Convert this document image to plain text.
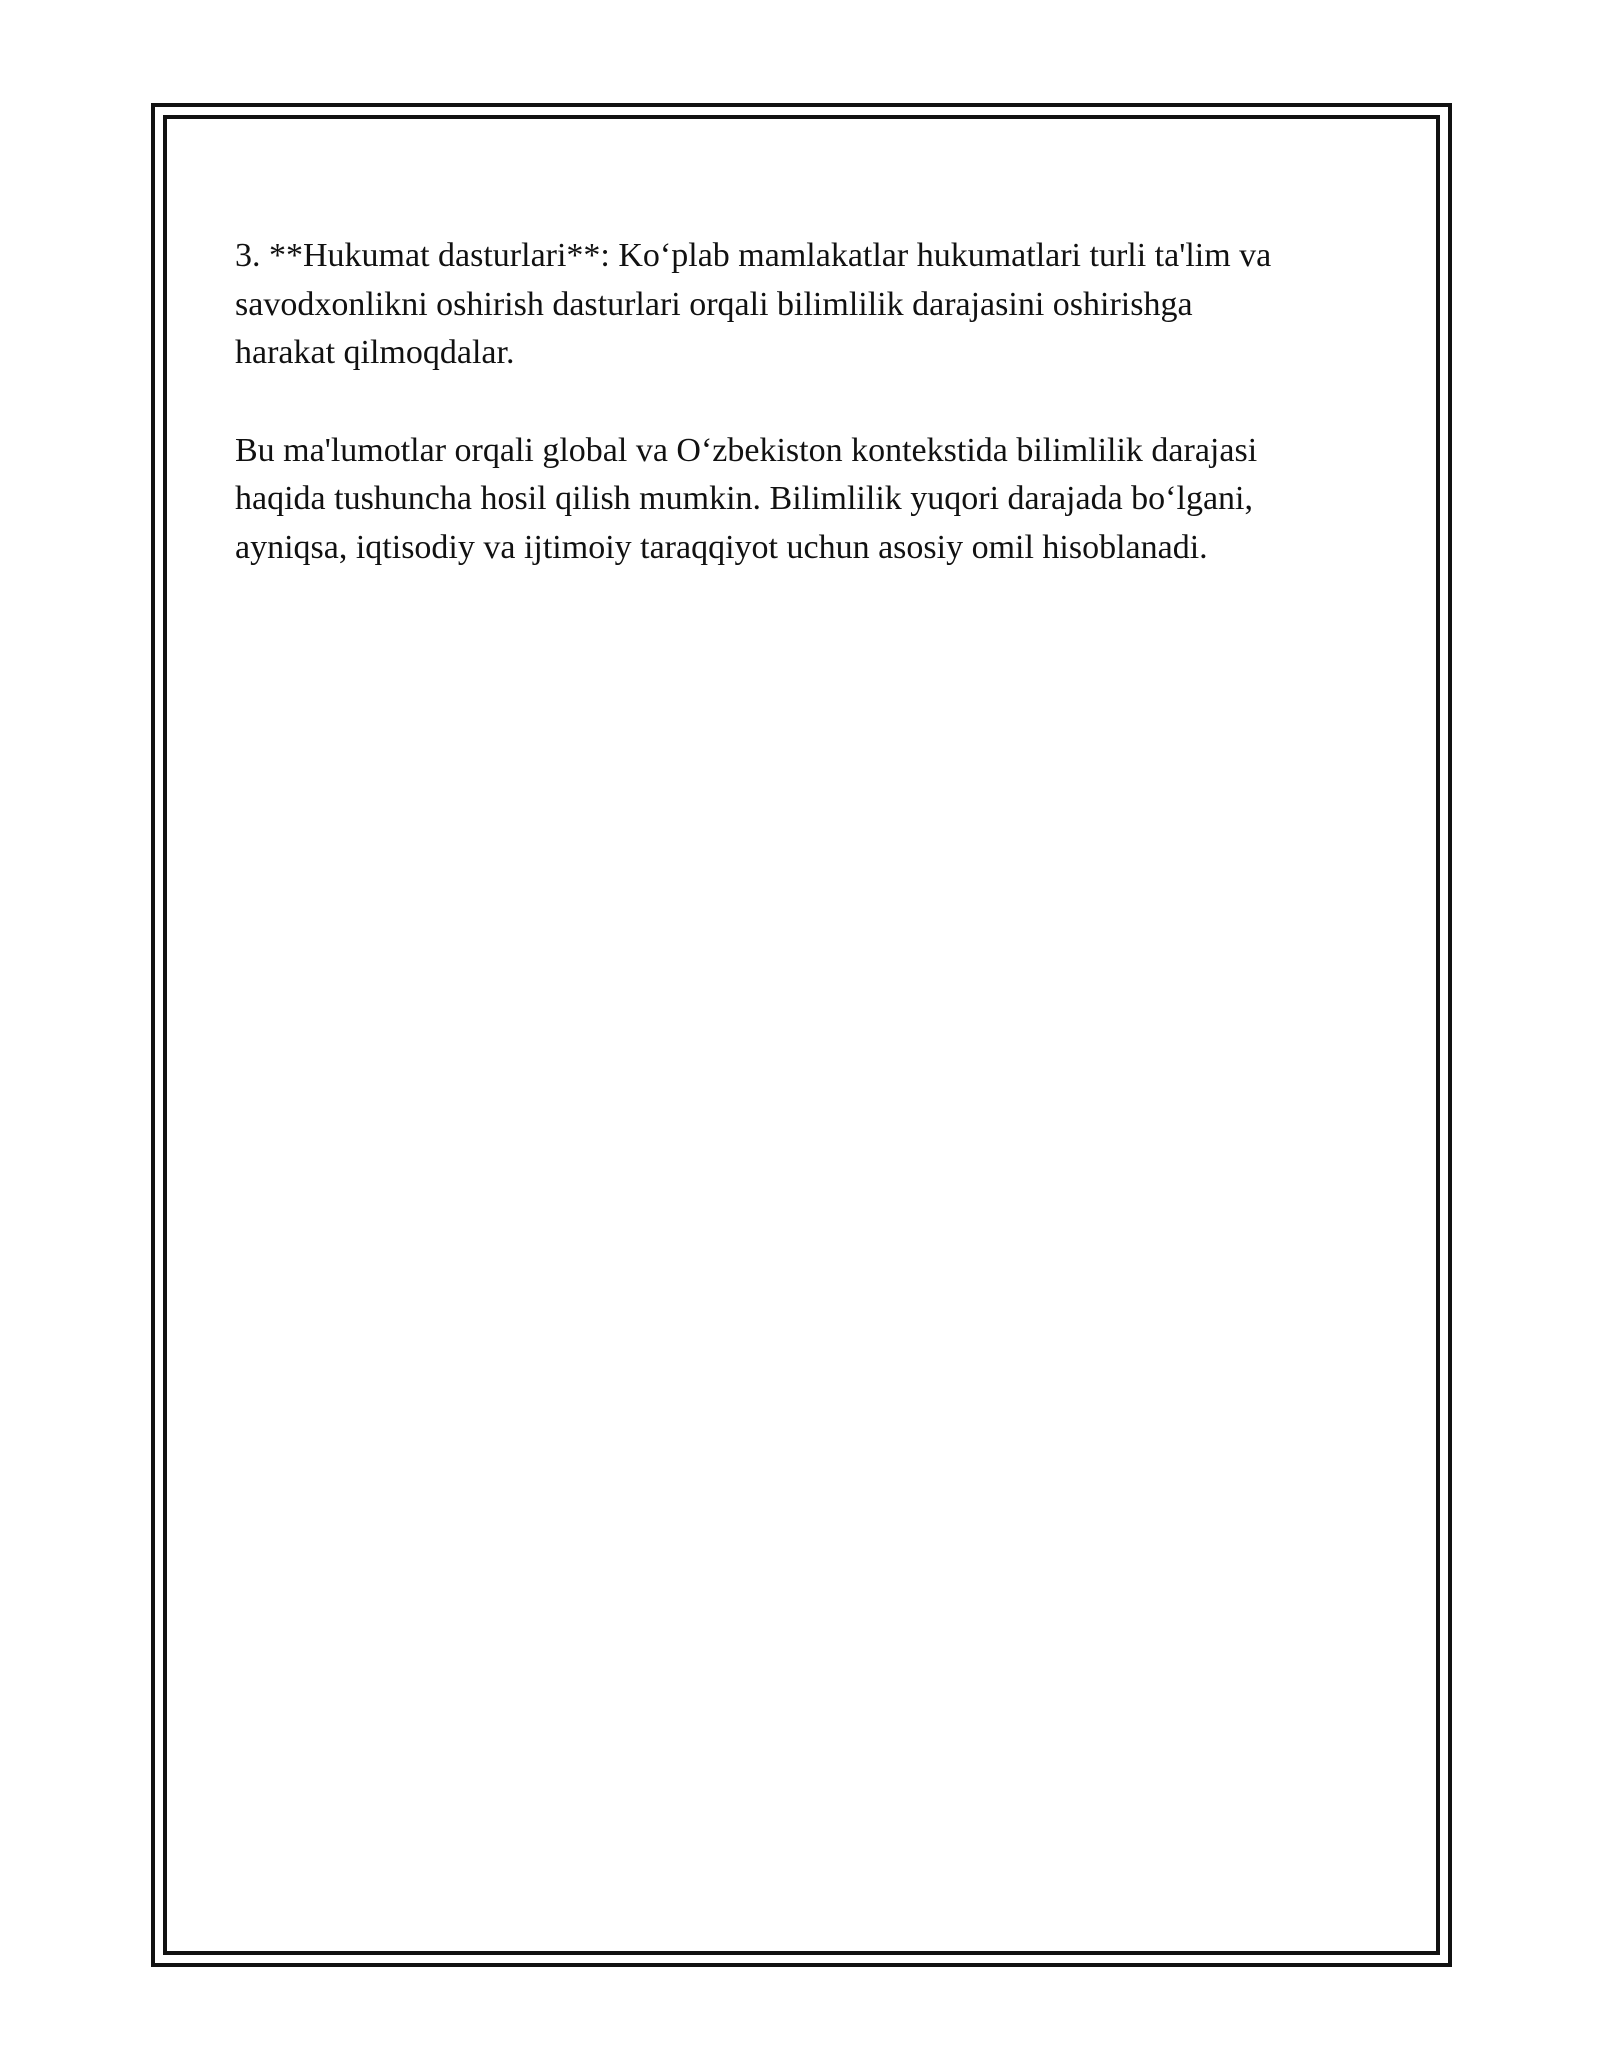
3. **Hukumat dasturlari**: Ko‘plab mamlakatlar hukumatlari turli ta'lim va
savodxonlikni oshirish dasturlari orqali bilimlilik darajasini oshirishga
harakat qilmoqdalar.

Bu ma'lumotlar orqali global va O‘zbekiston kontekstida bilimlilik darajasi
haqida tushuncha hosil qilish mumkin. Bilimlilik yuqori darajada bo‘lgani,
ayniqsa, iqtisodiy va ijtimoiy taraqqiyot uchun asosiy omil hisoblanadi.
